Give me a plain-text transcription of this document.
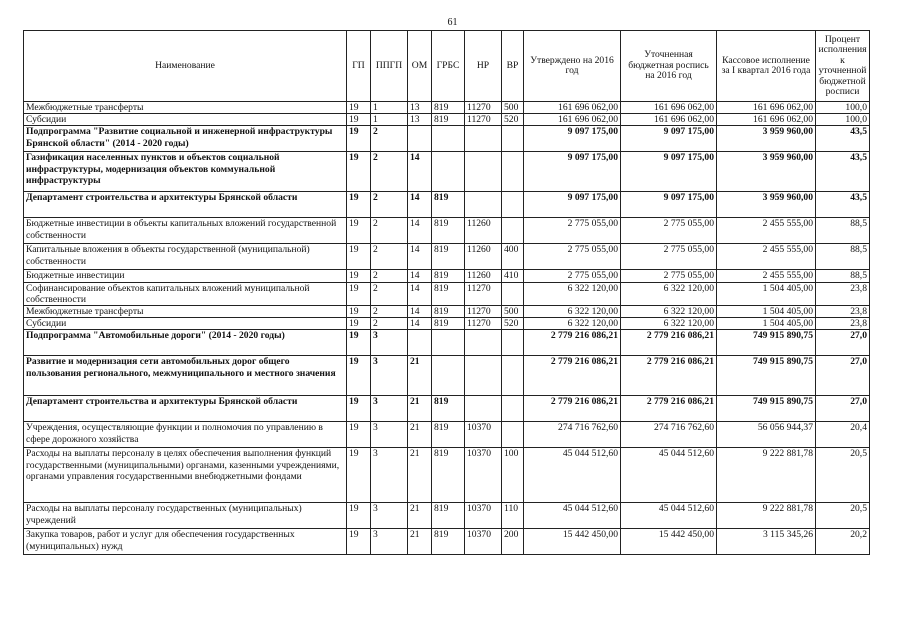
61
Наименование	ГП	ППГП	ОМ	ГРБС	НР	ВР	Утверждено на 2016 год	Уточненная бюджетная роспись на 2016 год	Кассовое исполнение за I квартал 2016 года	Процент исполнения к уточненной бюджетной росписи
Межбюджетные трансферты	19	1	13	819	11270	500	161 696 062,00	161 696 062,00	161 696 062,00	100,0
Субсидии	19	1	13	819	11270	520	161 696 062,00	161 696 062,00	161 696 062,00	100,0
Подпрограмма "Развитие социальной и инженерной инфраструктуры Брянской области" (2014 - 2020 годы)	19	2					9 097 175,00	9 097 175,00	3 959 960,00	43,5
Газификация населенных пунктов и объектов социальной инфраструктуры, модернизация объектов коммунальной инфраструктуры	19	2	14				9 097 175,00	9 097 175,00	3 959 960,00	43,5
Департамент строительства и архитектуры Брянской области	19	2	14	819			9 097 175,00	9 097 175,00	3 959 960,00	43,5
Бюджетные инвестиции в объекты капитальных вложений государственной собственности	19	2	14	819	11260		2 775 055,00	2 775 055,00	2 455 555,00	88,5
Капитальные вложения в объекты государственной (муниципальной) собственности	19	2	14	819	11260	400	2 775 055,00	2 775 055,00	2 455 555,00	88,5
Бюджетные инвестиции	19	2	14	819	11260	410	2 775 055,00	2 775 055,00	2 455 555,00	88,5
Софинансирование объектов капитальных вложений муниципальной собственности	19	2	14	819	11270		6 322 120,00	6 322 120,00	1 504 405,00	23,8
Межбюджетные трансферты	19	2	14	819	11270	500	6 322 120,00	6 322 120,00	1 504 405,00	23,8
Субсидии	19	2	14	819	11270	520	6 322 120,00	6 322 120,00	1 504 405,00	23,8
Подпрограмма "Автомобильные дороги" (2014 - 2020 годы)	19	3					2 779 216 086,21	2 779 216 086,21	749 915 890,75	27,0
Развитие и модернизация сети автомобильных дорог общего пользования регионального, межмуниципального и местного значения	19	3	21				2 779 216 086,21	2 779 216 086,21	749 915 890,75	27,0
Департамент строительства и архитектуры Брянской области	19	3	21	819			2 779 216 086,21	2 779 216 086,21	749 915 890,75	27,0
Учреждения, осуществляющие функции и полномочия по управлению в сфере дорожного хозяйства	19	3	21	819	10370		274 716 762,60	274 716 762,60	56 056 944,37	20,4
Расходы на выплаты персоналу в целях обеспечения выполнения функций государственными (муниципальными) органами, казенными учреждениями, органами управления государственными внебюджетными фондами	19	3	21	819	10370	100	45 044 512,60	45 044 512,60	9 222 881,78	20,5
Расходы на выплаты персоналу государственных (муниципальных) учреждений	19	3	21	819	10370	110	45 044 512,60	45 044 512,60	9 222 881,78	20,5
Закупка товаров, работ и услуг для обеспечения государственных (муниципальных) нужд	19	3	21	819	10370	200	15 442 450,00	15 442 450,00	3 115 345,26	20,2
